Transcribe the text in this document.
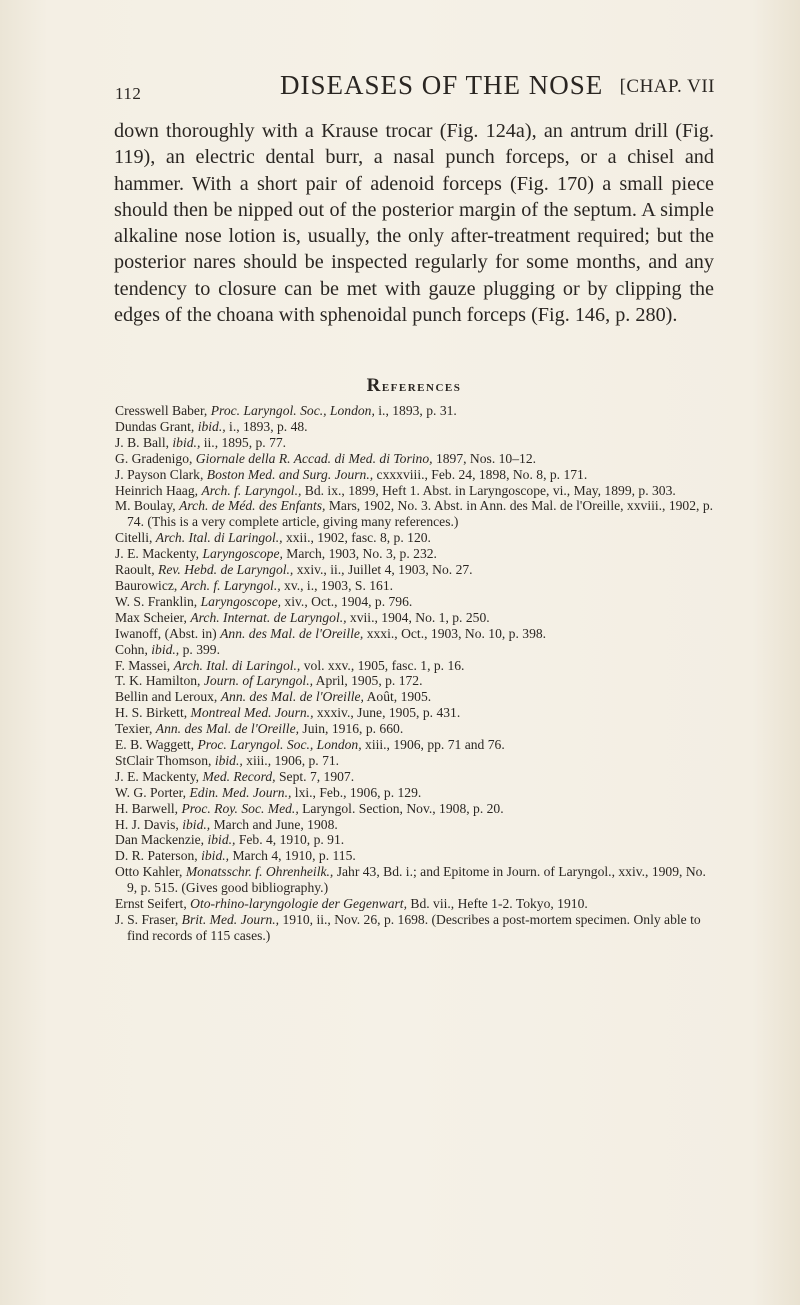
112	DISEASES OF THE NOSE [CHAP. VII

down thoroughly with a Krause trocar (Fig. 124a), an antrum drill (Fig. 119), an electric dental burr, a nasal punch forceps, or a chisel and hammer. With a short pair of adenoid forceps (Fig. 170) a small piece should then be nipped out of the posterior margin of the septum. A simple alkaline nose lotion is, usually, the only after-treatment required; but the posterior nares should be inspected regularly for some months, and any tendency to closure can be met with gauze plugging or by clipping the edges of the choana with sphenoidal punch forceps (Fig. 146, p. 280).

References
Cresswell Baber, Proc. Laryngol. Soc., London, i., 1893, p. 31.
Dundas Grant, ibid., i., 1893, p. 48.
J. B. Ball, ibid., ii., 1895, p. 77.
G. Gradenigo, Giornale della R. Accad. di Med. di Torino, 1897, Nos. 10–12.
J. Payson Clark, Boston Med. and Surg. Journ., cxxxviii., Feb. 24, 1898, No. 8, p. 171.
Heinrich Haag, Arch. f. Laryngol., Bd. ix., 1899, Heft 1. Abst. in Laryngoscope, vi., May, 1899, p. 303.
M. Boulay, Arch. de Méd. des Enfants, Mars, 1902, No. 3. Abst. in Ann. des Mal. de l'Oreille, xxviii., 1902, p. 74. (This is a very complete article, giving many references.)
Citelli, Arch. Ital. di Laringol., xxii., 1902, fasc. 8, p. 120.
J. E. Mackenty, Laryngoscope, March, 1903, No. 3, p. 232.
Raoult, Rev. Hebd. de Laryngol., xxiv., ii., Juillet 4, 1903, No. 27.
Baurowicz, Arch. f. Laryngol., xv., i., 1903, S. 161.
W. S. Franklin, Laryngoscope, xiv., Oct., 1904, p. 796.
Max Scheier, Arch. Internat. de Laryngol., xvii., 1904, No. 1, p. 250.
Iwanoff, (Abst. in) Ann. des Mal. de l'Oreille, xxxi., Oct., 1903, No. 10, p. 398.
Cohn, ibid., p. 399.
F. Massei, Arch. Ital. di Laringol., vol. xxv., 1905, fasc. 1, p. 16.
T. K. Hamilton, Journ. of Laryngol., April, 1905, p. 172.
Bellin and Leroux, Ann. des Mal. de l'Oreille, Août, 1905.
H. S. Birkett, Montreal Med. Journ., xxxiv., June, 1905, p. 431.
Texier, Ann. des Mal. de l'Oreille, Juin, 1916, p. 660.
E. B. Waggett, Proc. Laryngol. Soc., London, xiii., 1906, pp. 71 and 76.
StClair Thomson, ibid., xiii., 1906, p. 71.
J. E. Mackenty, Med. Record, Sept. 7, 1907.
W. G. Porter, Edin. Med. Journ., lxi., Feb., 1906, p. 129.
H. Barwell, Proc. Roy. Soc. Med., Laryngol. Section, Nov., 1908, p. 20.
H. J. Davis, ibid., March and June, 1908.
Dan Mackenzie, ibid., Feb. 4, 1910, p. 91.
D. R. Paterson, ibid., March 4, 1910, p. 115.
Otto Kahler, Monatsschr. f. Ohrenheilk., Jahr 43, Bd. i.; and Epitome in Journ. of Laryngol., xxiv., 1909, No. 9, p. 515. (Gives good bibliography.)
Ernst Seifert, Oto-rhino-laryngologie der Gegenwart, Bd. vii., Hefte 1-2. Tokyo, 1910.
J. S. Fraser, Brit. Med. Journ., 1910, ii., Nov. 26, p. 1698. (Describes a post-mortem specimen. Only able to find records of 115 cases.)
